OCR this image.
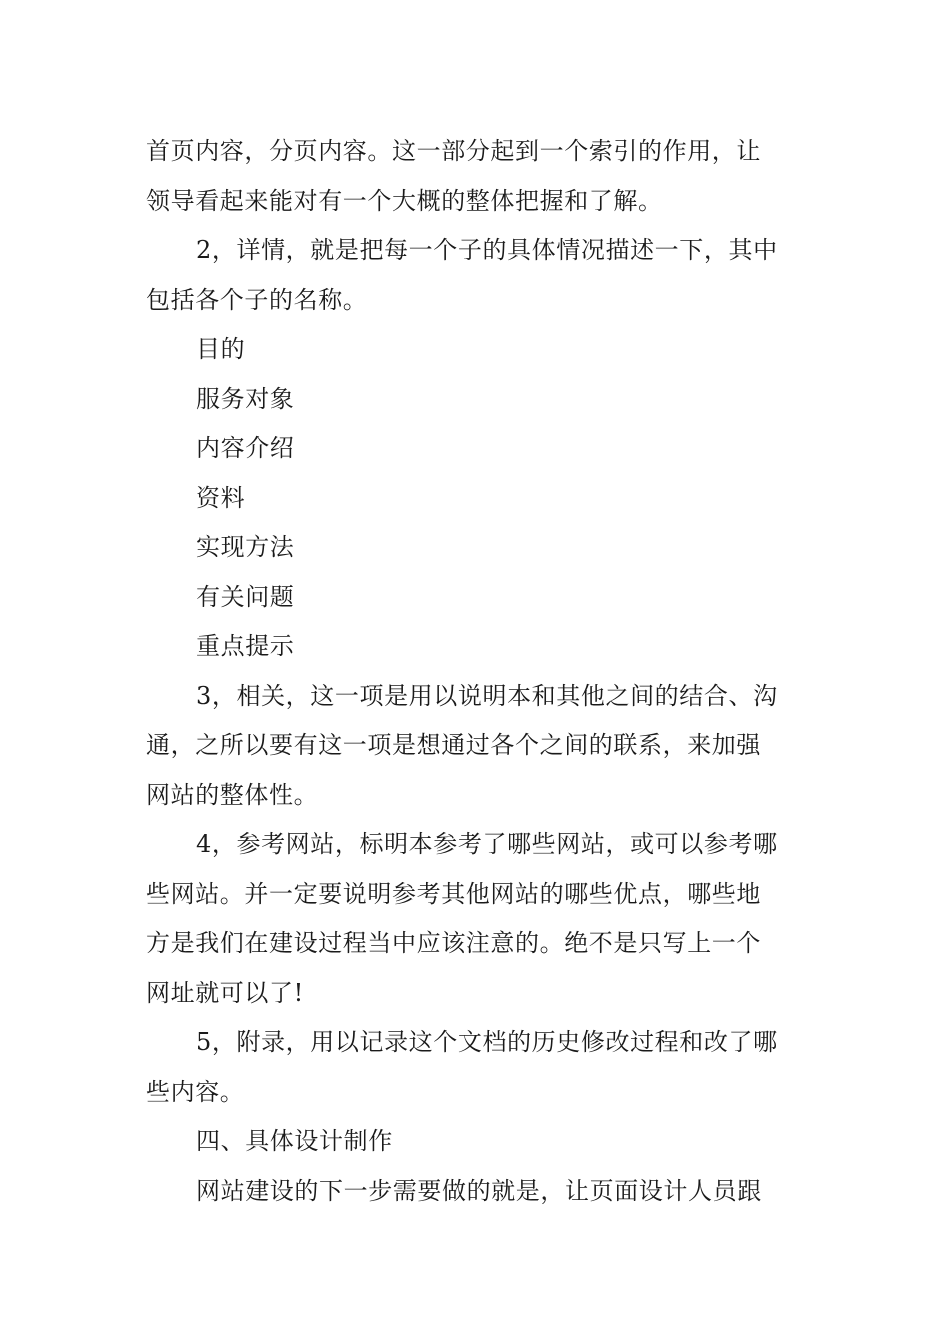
首页内容，分页内容。这一部分起到一个索引的作用，让
领导看起来能对有一个大概的整体把握和了解。
2，详情，就是把每一个子的具体情况描述一下，其中
包括各个子的名称。
目的
服务对象
内容介绍
资料
实现方法
有关问题
重点提示
3，相关，这一项是用以说明本和其他之间的结合、沟
通，之所以要有这一项是想通过各个之间的联系，来加强
网站的整体性。
4，参考网站，标明本参考了哪些网站，或可以参考哪
些网站。并一定要说明参考其他网站的哪些优点，哪些地
方是我们在建设过程当中应该注意的。绝不是只写上一个
网址就可以了!
5，附录，用以记录这个文档的历史修改过程和改了哪
些内容。
四、具体设计制作
网站建设的下一步需要做的就是，让页面设计人员跟
